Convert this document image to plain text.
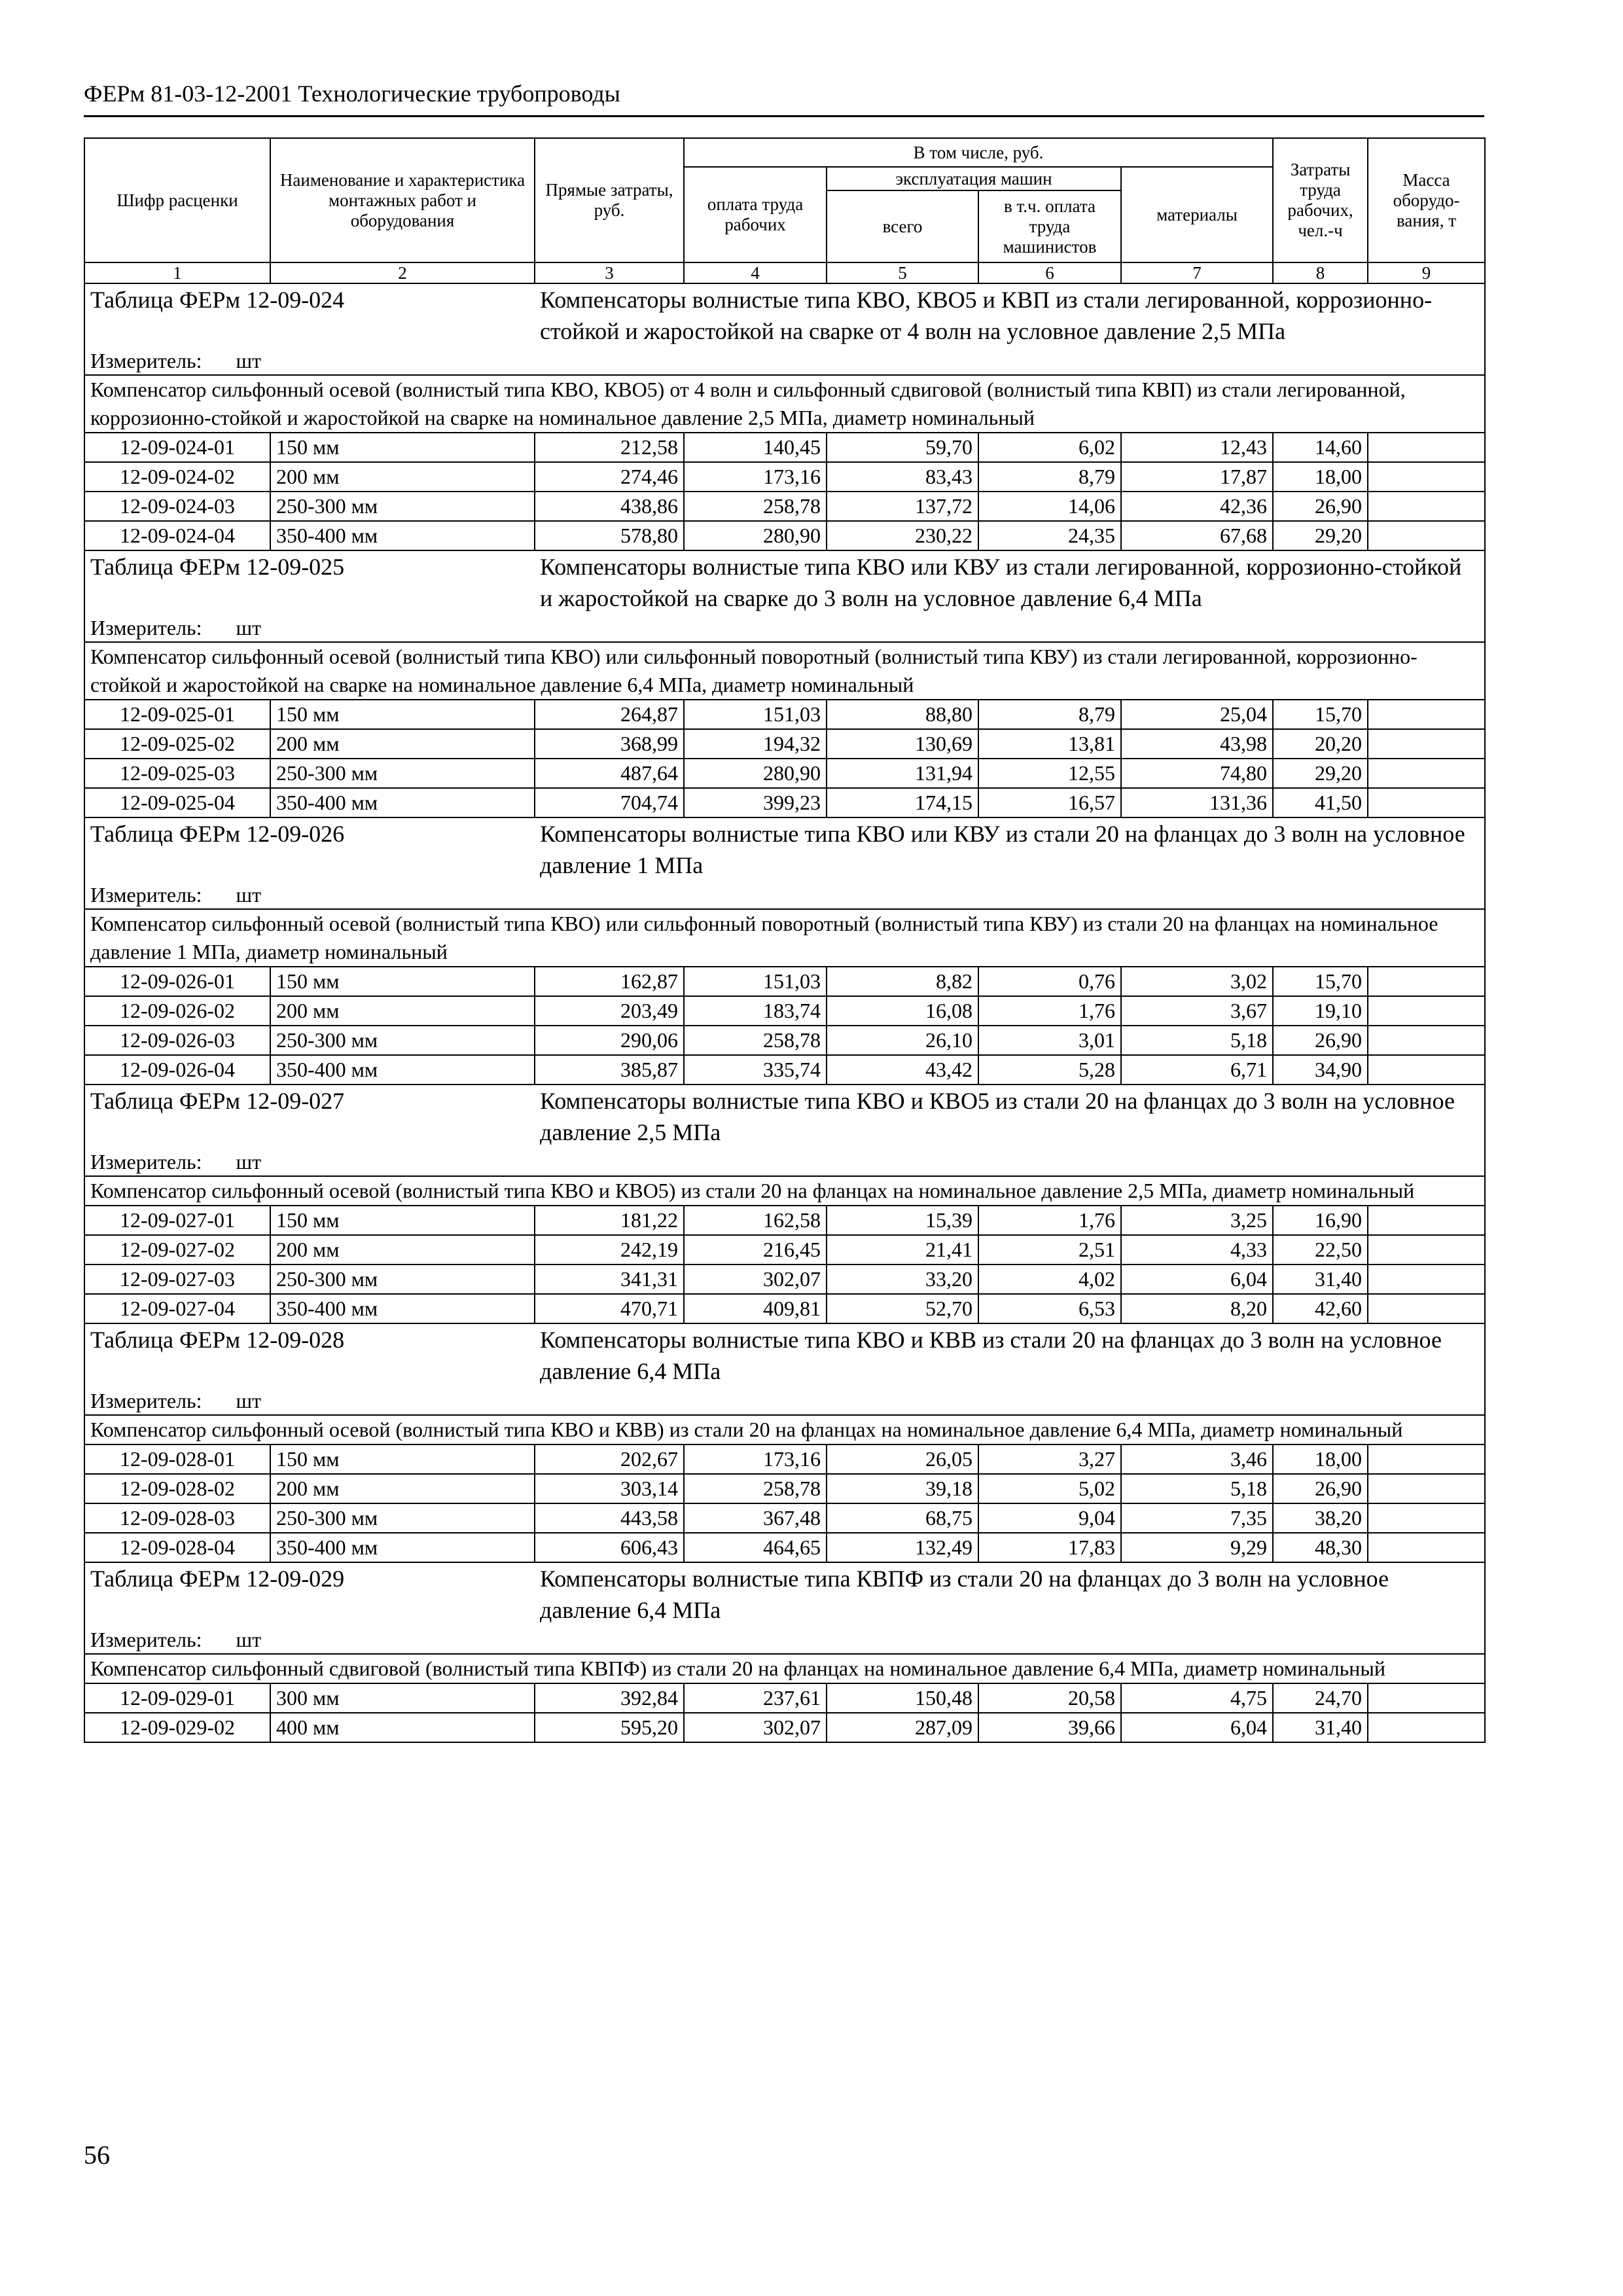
ФЕРм 81-03-12-2001 Технологические трубопроводы
Шифр расценки	Наименование и характеристика монтажных работ и оборудования	Прямые затраты, руб.	В том числе, руб.				Затраты труда рабочих, чел.-ч	Масса оборудо-вания, т
			оплата труда рабочих	эксплуатация машин		материалы		
				всего	в т.ч. оплата труда машинистов			
1	2	3	4	5	6	7	8	9
Таблица ФЕРм 12-09-024		Компенсаторы волнистые типа КВО, КВО5 и КВП из стали легированной, коррозионно-стойкой и жаростойкой на сварке от 4 волн на условное давление 2,5 МПа						
Измеритель: шт								
Компенсатор сильфонный осевой (волнистый типа КВО, КВО5) от 4 волн и сильфонный сдвиговой (волнистый типа КВП) из стали легированной, коррозионно-стойкой и жаростойкой на сварке на номинальное давление 2,5 МПа, диаметр номинальный								
12-09-024-01	150 мм	212,58	140,45	59,70	6,02	12,43	14,60	
12-09-024-02	200 мм	274,46	173,16	83,43	8,79	17,87	18,00	
12-09-024-03	250-300 мм	438,86	258,78	137,72	14,06	42,36	26,90	
12-09-024-04	350-400 мм	578,80	280,90	230,22	24,35	67,68	29,20	
Таблица ФЕРм 12-09-025		Компенсаторы волнистые типа КВО или КВУ из стали легированной, коррозионно-стойкой и жаростойкой на сварке до 3 волн на условное давление 6,4 МПа						
Измеритель: шт								
Компенсатор сильфонный осевой (волнистый типа КВО) или сильфонный поворотный (волнистый типа КВУ) из стали легированной, коррозионно-стойкой и жаростойкой на сварке на номинальное давление 6,4 МПа, диаметр номинальный								
12-09-025-01	150 мм	264,87	151,03	88,80	8,79	25,04	15,70	
12-09-025-02	200 мм	368,99	194,32	130,69	13,81	43,98	20,20	
12-09-025-03	250-300 мм	487,64	280,90	131,94	12,55	74,80	29,20	
12-09-025-04	350-400 мм	704,74	399,23	174,15	16,57	131,36	41,50	
Таблица ФЕРм 12-09-026		Компенсаторы волнистые типа КВО или КВУ из стали 20 на фланцах до 3 волн на условное давление 1 МПа						
Измеритель: шт								
Компенсатор сильфонный осевой (волнистый типа КВО) или сильфонный поворотный (волнистый типа КВУ) из стали 20 на фланцах на номинальное давление 1 МПа, диаметр номинальный								
12-09-026-01	150 мм	162,87	151,03	8,82	0,76	3,02	15,70	
12-09-026-02	200 мм	203,49	183,74	16,08	1,76	3,67	19,10	
12-09-026-03	250-300 мм	290,06	258,78	26,10	3,01	5,18	26,90	
12-09-026-04	350-400 мм	385,87	335,74	43,42	5,28	6,71	34,90	
Таблица ФЕРм 12-09-027		Компенсаторы волнистые типа КВО и КВО5 из стали 20 на фланцах до 3 волн на условное давление 2,5 МПа						
Измеритель: шт								
Компенсатор сильфонный осевой (волнистый типа КВО и КВО5) из стали 20 на фланцах на номинальное давление 2,5 МПа, диаметр номинальный								
12-09-027-01	150 мм	181,22	162,58	15,39	1,76	3,25	16,90	
12-09-027-02	200 мм	242,19	216,45	21,41	2,51	4,33	22,50	
12-09-027-03	250-300 мм	341,31	302,07	33,20	4,02	6,04	31,40	
12-09-027-04	350-400 мм	470,71	409,81	52,70	6,53	8,20	42,60	
Таблица ФЕРм 12-09-028		Компенсаторы волнистые типа КВО и КВВ из стали 20 на фланцах до 3 волн на условное давление 6,4 МПа						
Измеритель: шт								
Компенсатор сильфонный осевой (волнистый типа КВО и КВВ) из стали 20 на фланцах на номинальное давление 6,4 МПа, диаметр номинальный								
12-09-028-01	150 мм	202,67	173,16	26,05	3,27	3,46	18,00	
12-09-028-02	200 мм	303,14	258,78	39,18	5,02	5,18	26,90	
12-09-028-03	250-300 мм	443,58	367,48	68,75	9,04	7,35	38,20	
12-09-028-04	350-400 мм	606,43	464,65	132,49	17,83	9,29	48,30	
Таблица ФЕРм 12-09-029		Компенсаторы волнистые типа КВПФ из стали 20 на фланцах до 3 волн на условное давление 6,4 МПа						
Измеритель: шт								
Компенсатор сильфонный сдвиговой (волнистый типа КВПФ) из стали 20 на фланцах на номинальное давление 6,4 МПа, диаметр номинальный								
12-09-029-01	300 мм	392,84	237,61	150,48	20,58	4,75	24,70	
12-09-029-02	400 мм	595,20	302,07	287,09	39,66	6,04	31,40	
56
